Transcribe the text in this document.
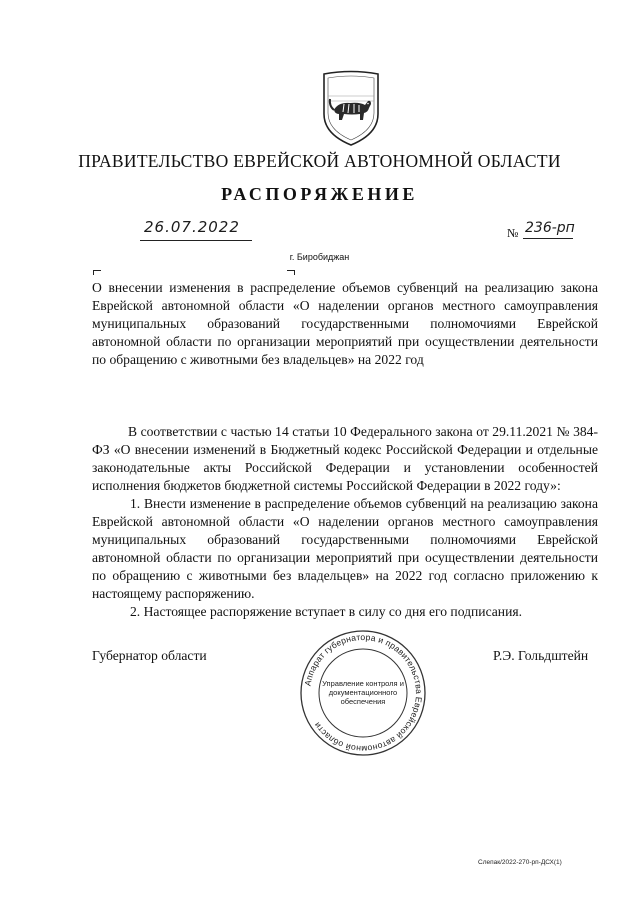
ПРАВИТЕЛЬСТВО ЕВРЕЙСКОЙ АВТОНОМНОЙ ОБЛАСТИ
РАСПОРЯЖЕНИЕ
26.07.2022	№ 236-рп
г. Биробиджан

О внесении изменения в распределение объемов субвенций на реализацию закона Еврейской автономной области «О наделении органов местного самоуправления муниципальных образований государственными полномочиями Еврейской автономной области по организации мероприятий при осуществлении деятельности по обращению с животными без владельцев» на 2022 год

В соответствии с частью 14 статьи 10 Федерального закона от 29.11.2021 № 384-ФЗ «О внесении изменений в Бюджетный кодекс Российской Федерации и отдельные законодательные акты Российской Федерации и установлении особенностей исполнения бюджетов бюджетной системы Российской Федерации в 2022 году»:

1. Внести изменение в распределение объемов субвенций на реализацию закона Еврейской автономной области «О наделении органов местного самоуправления муниципальных образований государственными полномочиями Еврейской автономной области по организации мероприятий при осуществлении деятельности по обращению с животными без владельцев» на 2022 год согласно приложению к настоящему распоряжению.

2. Настоящее распоряжение вступает в силу со дня его подписания.

Губернатор области	Р.Э. Гольдштейн
Аппарат губернатора и правительства Еврейской автономной области
Управление контроля и
документационного
обеспечения
Слепак/2022-270-рп-ДСХ(1)
